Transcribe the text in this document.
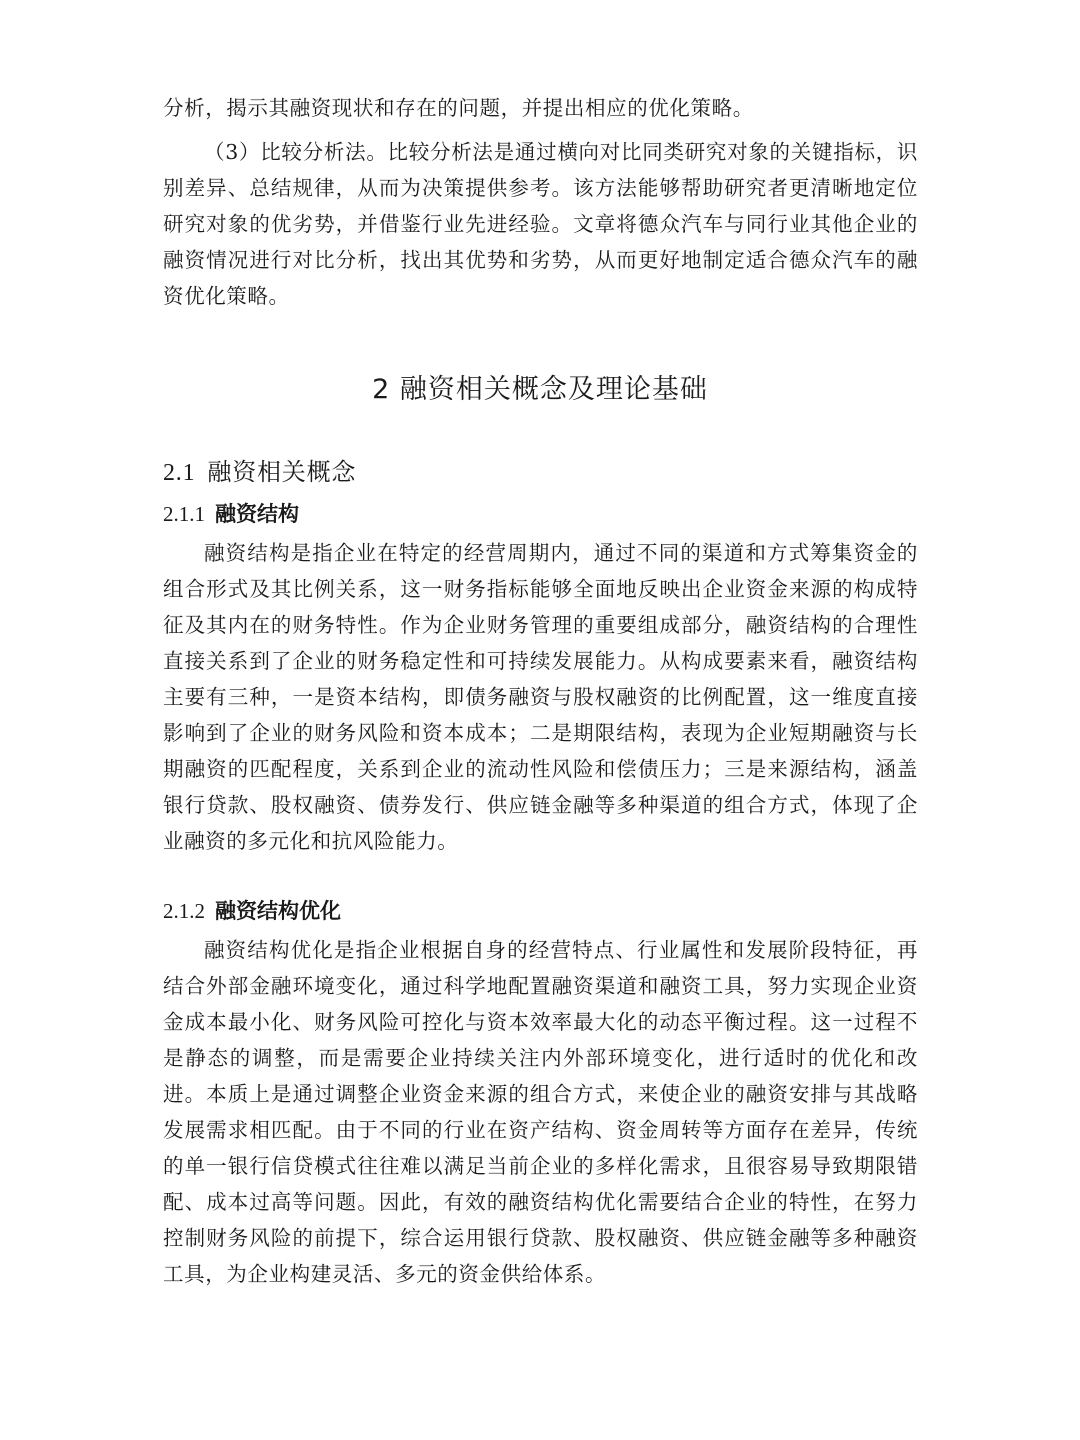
分析，揭示其融资现状和存在的问题，并提出相应的优化策略。

（3）比较分析法。比较分析法是通过横向对比同类研究对象的关键指标，识别差异、总结规律，从而为决策提供参考。该方法能够帮助研究者更清晰地定位研究对象的优劣势，并借鉴行业先进经验。文章将德众汽车与同行业其他企业的融资情况进行对比分析，找出其优势和劣势，从而更好地制定适合德众汽车的融资优化策略。

2 融资相关概念及理论基础
2.1 融资相关概念
2.1.1 融资结构

融资结构是指企业在特定的经营周期内，通过不同的渠道和方式筹集资金的组合形式及其比例关系，这一财务指标能够全面地反映出企业资金来源的构成特征及其内在的财务特性。作为企业财务管理的重要组成部分，融资结构的合理性直接关系到了企业的财务稳定性和可持续发展能力。从构成要素来看，融资结构主要有三种，一是资本结构，即债务融资与股权融资的比例配置，这一维度直接影响到了企业的财务风险和资本成本；二是期限结构，表现为企业短期融资与长期融资的匹配程度，关系到企业的流动性风险和偿债压力；三是来源结构，涵盖银行贷款、股权融资、债券发行、供应链金融等多种渠道的组合方式，体现了企业融资的多元化和抗风险能力。

2.1.2 融资结构优化

融资结构优化是指企业根据自身的经营特点、行业属性和发展阶段特征，再结合外部金融环境变化，通过科学地配置融资渠道和融资工具，努力实现企业资金成本最小化、财务风险可控化与资本效率最大化的动态平衡过程。这一过程不是静态的调整，而是需要企业持续关注内外部环境变化，进行适时的优化和改进。本质上是通过调整企业资金来源的组合方式，来使企业的融资安排与其战略发展需求相匹配。由于不同的行业在资产结构、资金周转等方面存在差异，传统的单一银行信贷模式往往难以满足当前企业的多样化需求，且很容易导致期限错配、成本过高等问题。因此，有效的融资结构优化需要结合企业的特性，在努力控制财务风险的前提下，综合运用银行贷款、股权融资、供应链金融等多种融资工具，为企业构建灵活、多元的资金供给体系。
